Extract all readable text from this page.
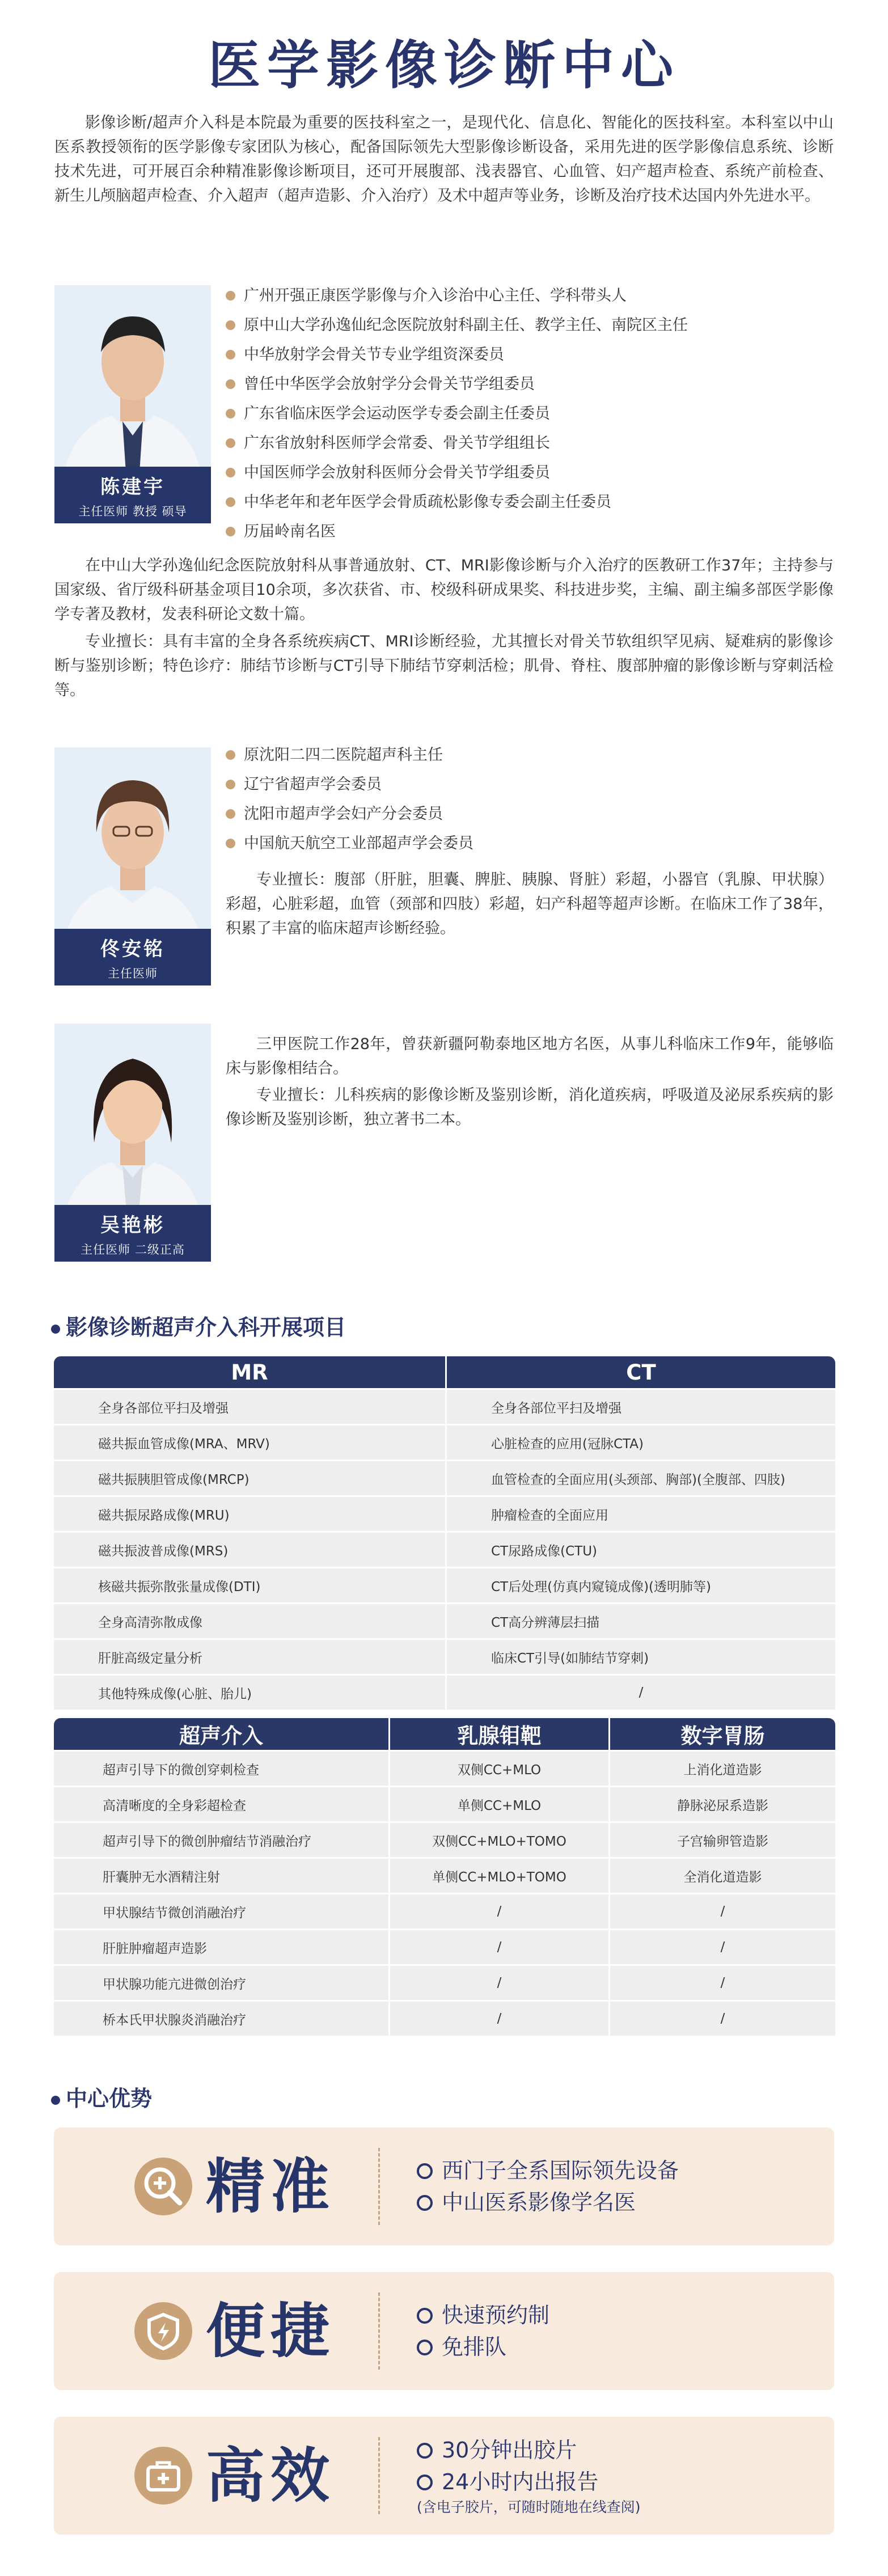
医学影像诊断中心
影像诊断/超声介入科是本院最为重要的医技科室之一，是现代化、信息化、智能化的医技科室。本科室以中山医系教授领衔的医学影像专家团队为核心，配备国际领先大型影像诊断设备，采用先进的医学影像信息系统、诊断技术先进，可开展百余种精准影像诊断项目，还可开展腹部、浅表器官、心血管、妇产超声检查、系统产前检查、新生儿颅脑超声检查、介入超声（超声造影、介入治疗）及术中超声等业务，诊断及治疗技术达国内外先进水平。
陈建宇
主任医师 教授 硕导
广州开强正康医学影像与介入诊治中心主任、学科带头人
原中山大学孙逸仙纪念医院放射科副主任、教学主任、南院区主任
中华放射学会骨关节专业学组资深委员
曾任中华医学会放射学分会骨关节学组委员
广东省临床医学会运动医学专委会副主任委员
广东省放射科医师学会常委、骨关节学组组长
中国医师学会放射科医师分会骨关节学组委员
中华老年和老年医学会骨质疏松影像专委会副主任委员
历届岭南名医
在中山大学孙逸仙纪念医院放射科从事普通放射、CT、MRI影像诊断与介入治疗的医教研工作37年；主持参与国家级、省厅级科研基金项目10余项，多次获省、市、校级科研成果奖、科技进步奖，主编、副主编多部医学影像学专著及教材，发表科研论文数十篇。
专业擅长：具有丰富的全身各系统疾病CT、MRI诊断经验，尤其擅长对骨关节软组织罕见病、疑难病的影像诊断与鉴别诊断；特色诊疗：肺结节诊断与CT引导下肺结节穿刺活检；肌骨、脊柱、腹部肿瘤的影像诊断与穿刺活检等。
佟安铭
主任医师
原沈阳二四二医院超声科主任
辽宁省超声学会委员
沈阳市超声学会妇产分会委员
中国航天航空工业部超声学会委员
专业擅长：腹部（肝脏，胆囊、脾脏、胰腺、肾脏）彩超，小器官（乳腺、甲状腺）彩超，心脏彩超，血管（颈部和四肢）彩超，妇产科超等超声诊断。在临床工作了38年，积累了丰富的临床超声诊断经验。
吴艳彬
主任医师 二级正高
三甲医院工作28年，曾获新疆阿勒泰地区地方名医，从事儿科临床工作9年，能够临床与影像相结合。
专业擅长：儿科疾病的影像诊断及鉴别诊断，消化道疾病，呼吸道及泌尿系疾病的影像诊断及鉴别诊断，独立著书二本。
影像诊断超声介入科开展项目
MR	CT
全身各部位平扫及增强	全身各部位平扫及增强
磁共振血管成像(MRA、MRV)	心脏检查的应用(冠脉CTA)
磁共振胰胆管成像(MRCP)	血管检查的全面应用(头颈部、胸部)(全腹部、四肢)
磁共振尿路成像(MRU)	肿瘤检查的全面应用
磁共振波普成像(MRS)	CT尿路成像(CTU)
核磁共振弥散张量成像(DTI)	CT后处理(仿真内窥镜成像)(透明肺等)
全身高清弥散成像	CT高分辨薄层扫描
肝脏高级定量分析	临床CT引导(如肺结节穿刺)
其他特殊成像(心脏、胎儿)	/
超声介入	乳腺钼靶	数字胃肠
超声引导下的微创穿刺检查	双侧CC+MLO	上消化道造影
高清晰度的全身彩超检查	单侧CC+MLO	静脉泌尿系造影
超声引导下的微创肿瘤结节消融治疗	双侧CC+MLO+TOMO	子宫输卵管造影
肝囊肿无水酒精注射	单侧CC+MLO+TOMO	全消化道造影
甲状腺结节微创消融治疗	/	/
肝脏肿瘤超声造影	/	/
甲状腺功能亢进微创治疗	/	/
桥本氏甲状腺炎消融治疗	/	/
中心优势
精准	西门子全系国际领先设备
中山医系影像学名医
便捷	快速预约制
免排队
高效	30分钟出胶片
24小时内出报告
(含电子胶片，可随时随地在线查阅)
